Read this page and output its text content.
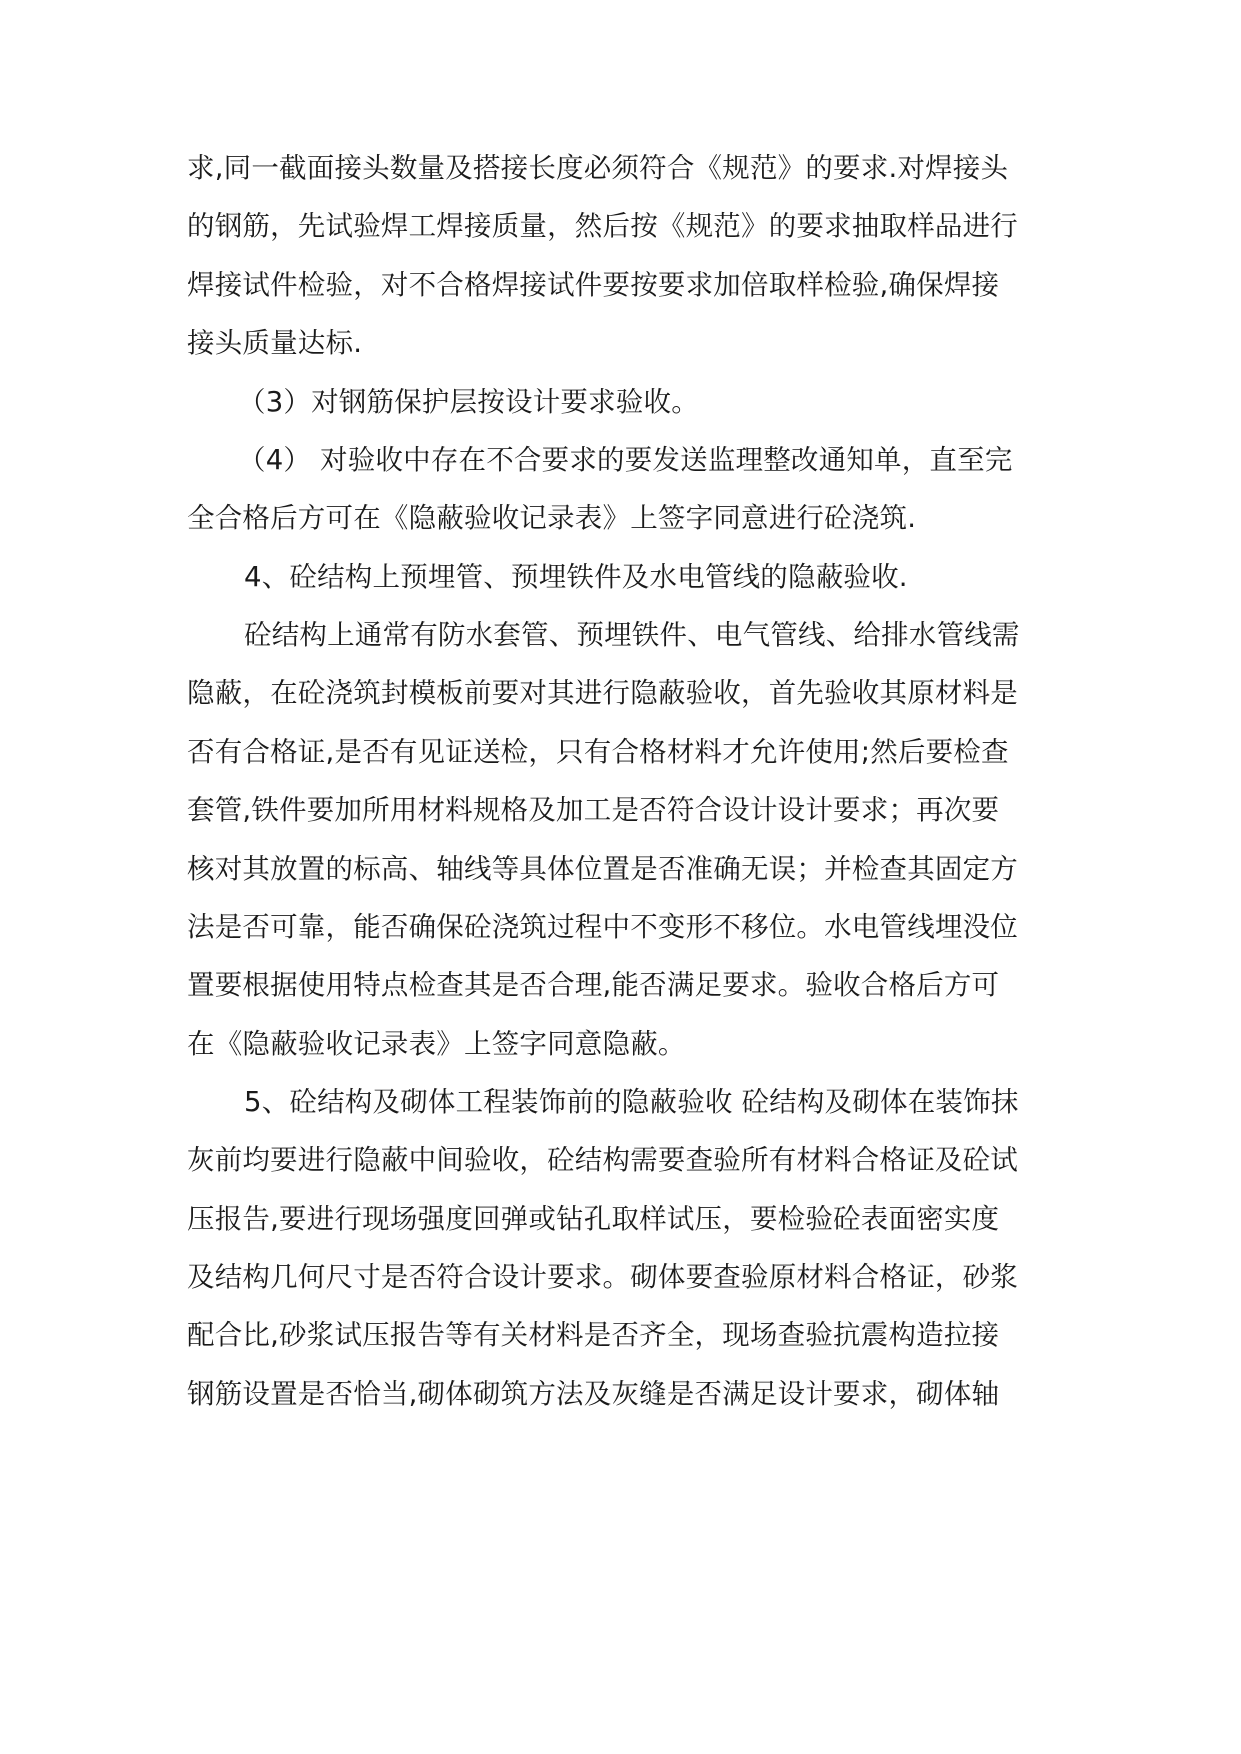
求,同一截面接头数量及搭接长度必须符合《规范》的要求.对焊接头
的钢筋，先试验焊工焊接质量，然后按《规范》的要求抽取样品进行
焊接试件检验，对不合格焊接试件要按要求加倍取样检验,确保焊接
接头质量达标.
（3）对钢筋保护层按设计要求验收。
（4） 对验收中存在不合要求的要发送监理整改通知单，直至完
全合格后方可在《隐蔽验收记录表》上签字同意进行砼浇筑.
4、砼结构上预埋管、预埋铁件及水电管线的隐蔽验收.
砼结构上通常有防水套管、预埋铁件、电气管线、给排水管线需
隐蔽，在砼浇筑封模板前要对其进行隐蔽验收，首先验收其原材料是
否有合格证,是否有见证送检，只有合格材料才允许使用;然后要检查
套管,铁件要加所用材料规格及加工是否符合设计设计要求；再次要
核对其放置的标高、轴线等具体位置是否准确无误；并检查其固定方
法是否可靠，能否确保砼浇筑过程中不变形不移位。水电管线埋没位
置要根据使用特点检查其是否合理,能否满足要求。验收合格后方可
在《隐蔽验收记录表》上签字同意隐蔽。
5、砼结构及砌体工程装饰前的隐蔽验收 砼结构及砌体在装饰抹
灰前均要进行隐蔽中间验收，砼结构需要查验所有材料合格证及砼试
压报告,要进行现场强度回弹或钻孔取样试压，要检验砼表面密实度
及结构几何尺寸是否符合设计要求。砌体要查验原材料合格证，砂浆
配合比,砂浆试压报告等有关材料是否齐全，现场查验抗震构造拉接
钢筋设置是否恰当,砌体砌筑方法及灰缝是否满足设计要求，砌体轴
